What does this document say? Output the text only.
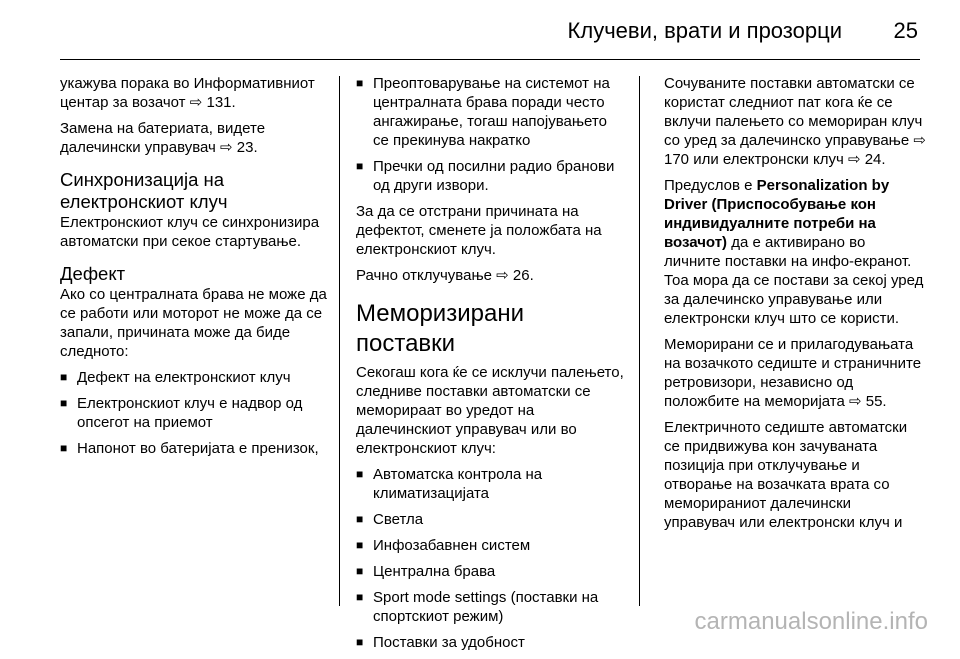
Клучеви, врати и прозорци 25

укажува порака во Информативниот центар за возачот ⇨ 131.

Замена на батериата, видете далечински управувач ⇨ 23.

Синхронизација на електронскиот клуч

Електронскиот клуч се синхронизира автоматски при секое стартување.

Дефект

Ако со централната брава не може да се работи или моторот не може да се запали, причината може да биде следното:

■ Дефект на електронскиот клуч
■ Електронскиот клуч е надвор од опсегот на приемот
■ Напонот во батеријата е пренизок,
■ Преоптоварување на системот на централната брава поради често ангажирање, тогаш напојувањето се прекинува накратко
■ Пречки од посилни радио бранови од други извори.

За да се отстрани причината на дефектот, сменете ја положбата на електронскиот клуч.

Рачно отклучување ⇨ 26.

Меморизирани поставки

Секогаш кога ќе се исклучи палењето, следниве поставки автоматски се меморираат во уредот на далечинскиот управувач или во електронскиот клуч:

■ Автоматска контрола на климатизацијата
■ Светла
■ Инфозабавнен систем
■ Централна брава
■ Sport mode settings (поставки на спортскиот режим)
■ Поставки за удобност

Сочуваните поставки автоматски се користат следниот пат кога ќе се вклучи палењето со мемориран клуч со уред за далечинско управување ⇨ 170 или електронски клуч ⇨ 24.

Предуслов е Personalization by Driver (Приспособување кон индивидуалните потреби на возачот) да е активирано во личните поставки на инфо-екранот. Тоа мора да се постави за секој уред за далечинско управување или електронски клуч што се користи.

Меморирани се и прилагодувањата на возачкото седиште и страничните ретровизори, независно од положбите на меморијата ⇨ 55.

Електричното седиште автоматски се придвижува кон зачуваната позиција при отклучување и отворање на возачката врата со меморираниот далечински управувач или електронски клуч и

carmanualsonline.info
